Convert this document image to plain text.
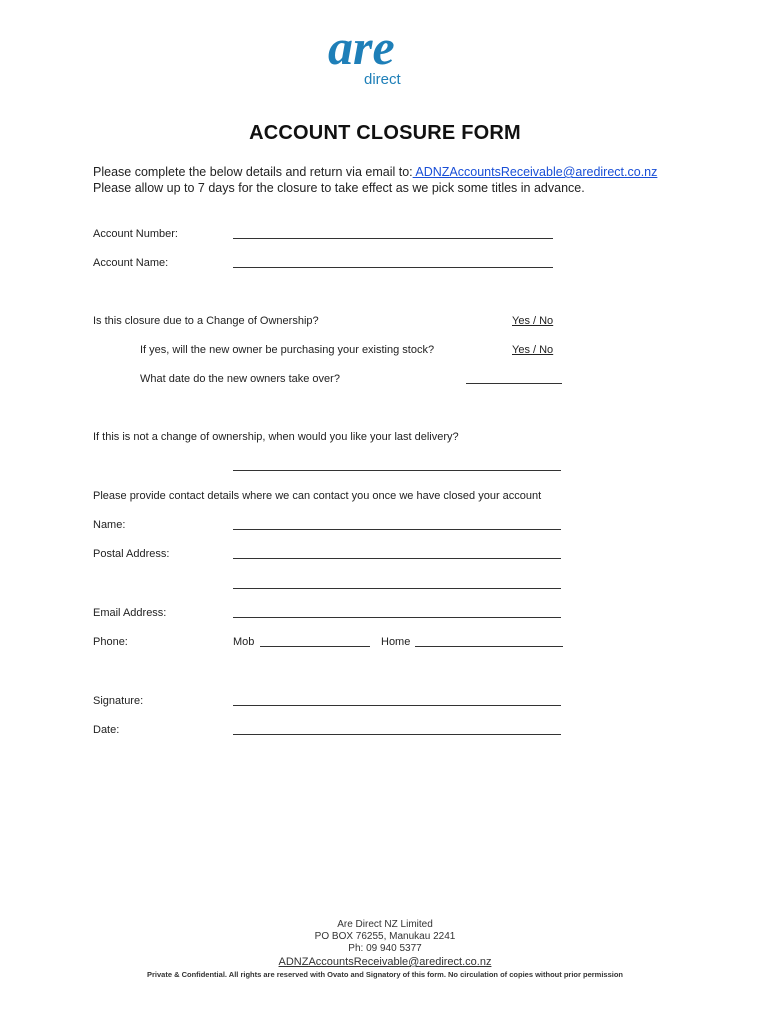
are
direct
ACCOUNT CLOSURE FORM
Please complete the below details and return via email to: ADNZAccountsReceivable@aredirect.co.nz
Please allow up to 7 days for the closure to take effect as we pick some titles in advance.
Account Number:
Account Name:
Is this closure due to a Change of Ownership?	Yes / No
If yes, will the new owner be purchasing your existing stock?	Yes / No
What date do the new owners take over?
If this is not a change of ownership, when would you like your last delivery?
Please provide contact details where we can contact you once we have closed your account
Name:
Postal Address:
Email Address:
Phone:	Mob	Home
Signature:
Date:
Are Direct NZ Limited
PO BOX 76255, Manukau 2241
Ph: 09 940 5377
ADNZAccountsReceivable@aredirect.co.nz
Private & Confidential. All rights are reserved with Ovato and Signatory of this form. No circulation of copies without prior permission
